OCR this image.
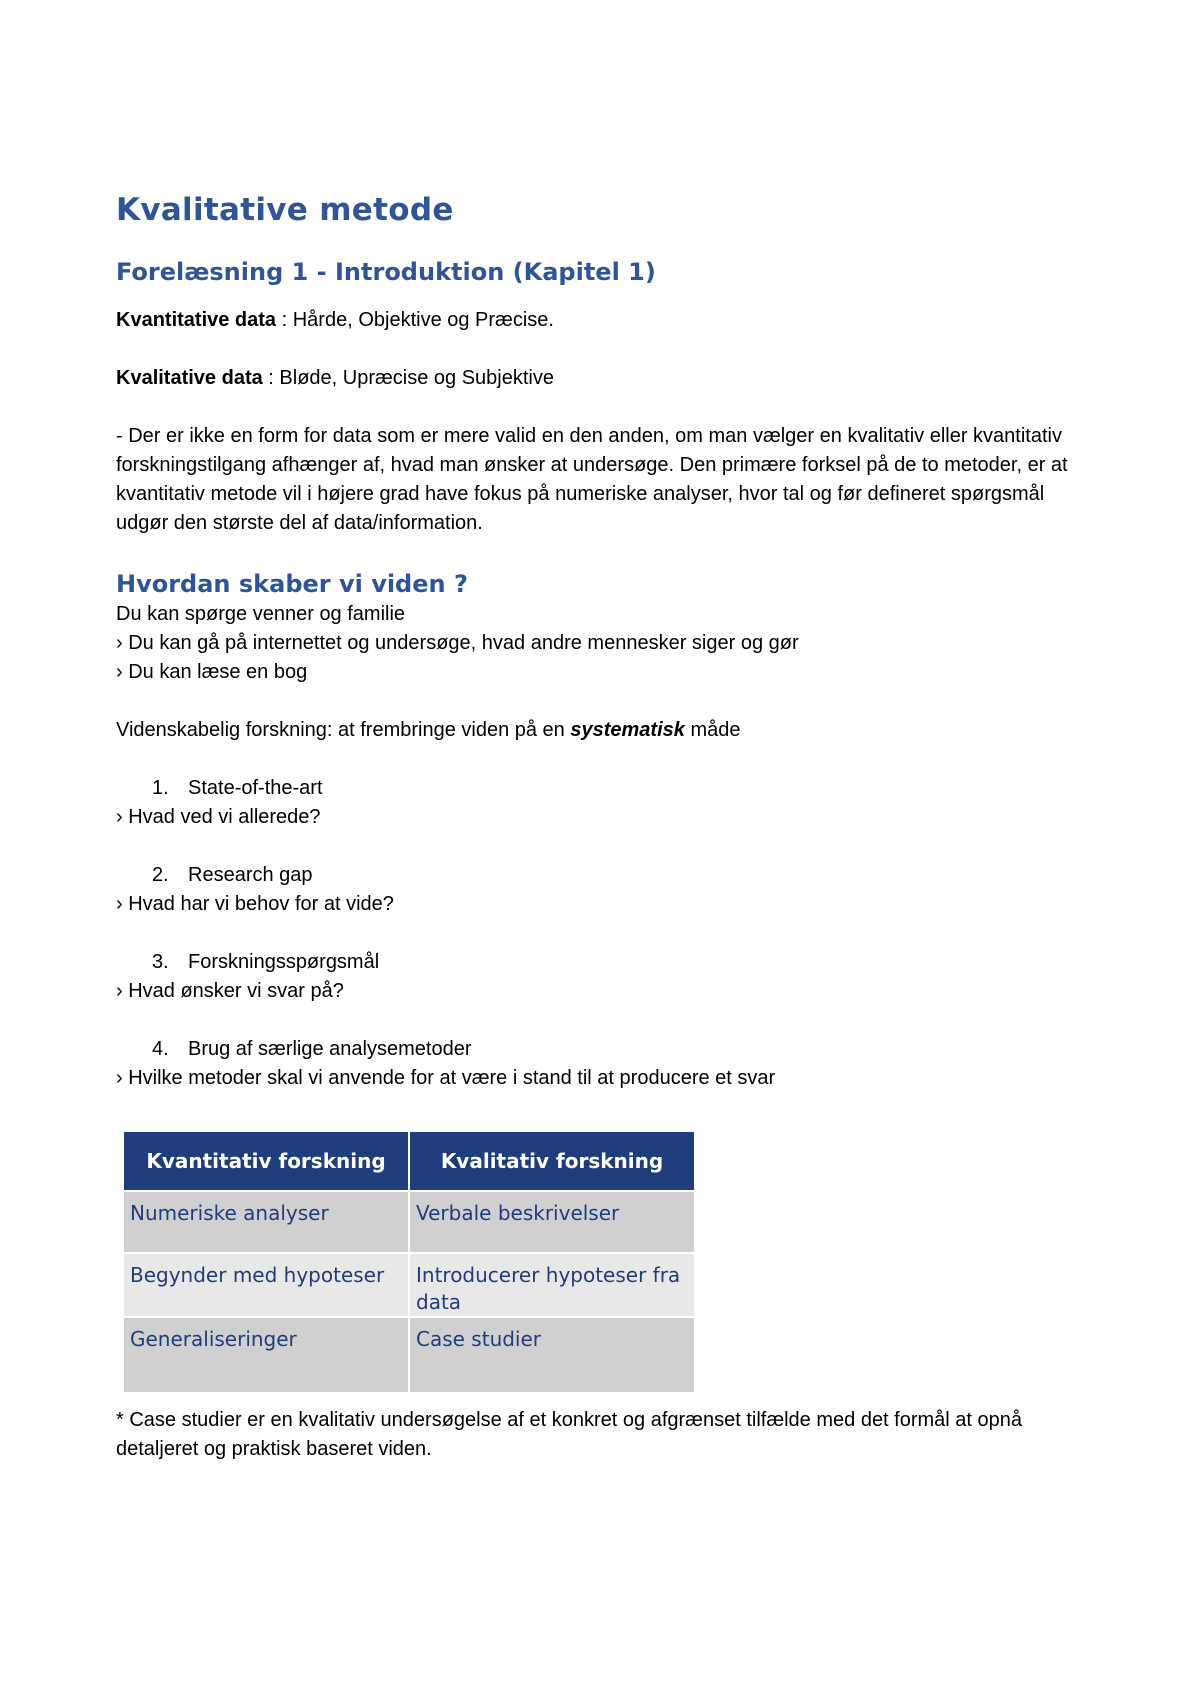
Kvalitative metode
Forelæsning 1 - Introduktion (Kapitel 1)

Kvantitative data : Hårde, Objektive og Præcise.

Kvalitative data : Bløde, Upræcise og Subjektive

- Der er ikke en form for data som er mere valid en den anden, om man vælger en kvalitativ eller kvantitativ forskningstilgang afhænger af, hvad man ønsker at undersøge. Den primære forksel på de to metoder, er at kvantitativ metode vil i højere grad have fokus på numeriske analyser, hvor tal og før defineret spørgsmål udgør den største del af data/information.

Hvordan skaber vi viden ?

Du kan spørge venner og familie

› Du kan gå på internettet og undersøge, hvad andre mennesker siger og gør

› Du kan læse en bog

Videnskabelig forskning: at frembringe viden på en systematisk måde

1. State-of-the-art

› Hvad ved vi allerede?

2. Research gap

› Hvad har vi behov for at vide?

3. Forskningsspørgsmål

› Hvad ønsker vi svar på?

4. Brug af særlige analysemetoder

› Hvilke metoder skal vi anvende for at være i stand til at producere et svar

Kvantitativ forskning	Kvalitativ forskning
Numeriske analyser	Verbale beskrivelser
Begynder med hypoteser	Introducerer hypoteser fra data
Generaliseringer	Case studier

* Case studier er en kvalitativ undersøgelse af et konkret og afgrænset tilfælde med det formål at opnå detaljeret og praktisk baseret viden.
